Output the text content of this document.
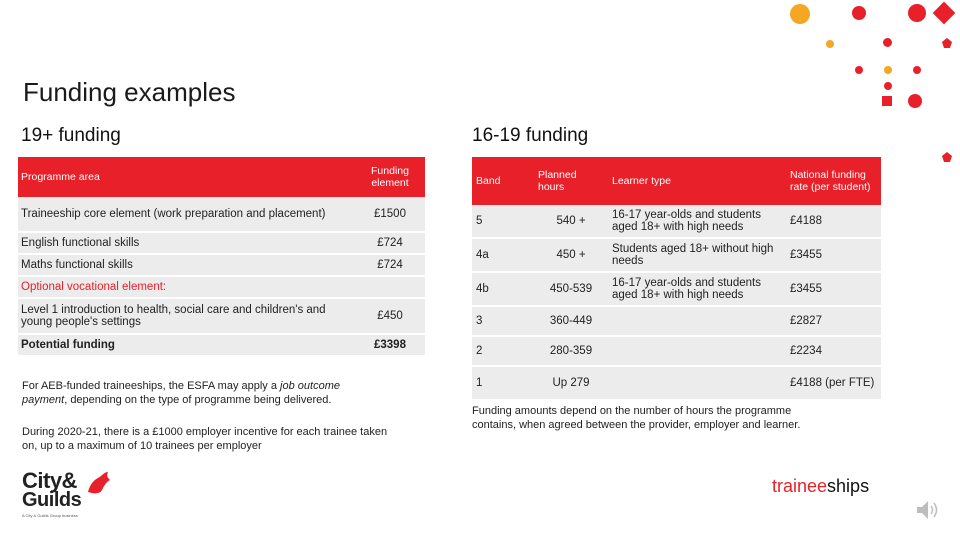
Funding examples
19+ funding	16-19 funding
Programme area	Funding element
Traineeship core element (work preparation and placement)	£1500
English functional skills	£724
Maths functional skills	£724
Optional vocational element:	
Level 1 introduction to health, social care and children's and young people's settings	£450
Potential funding	£3398
For AEB-funded traineeships, the ESFA may apply a job outcome payment, depending on the type of programme being delivered.
During 2020-21, there is a £1000 employer incentive for each trainee taken on, up to a maximum of 10 trainees per employer
Band	Planned hours	Learner type	National funding rate (per student)
5	540 +	16-17 year-olds and students aged 18+ with high needs	£4188
4a	450 +	Students aged 18+ without high needs	£3455
4b	450-539	16-17 year-olds and students aged 18+ with high needs	£3455
3	360-449		£2827
2	280-359		£2234
1	Up 279		£4188 (per FTE)
Funding amounts depend on the number of hours the programme contains, when agreed between the provider, employer and learner.
City&
Guilds
A City & Guilds Group business
traineeships
